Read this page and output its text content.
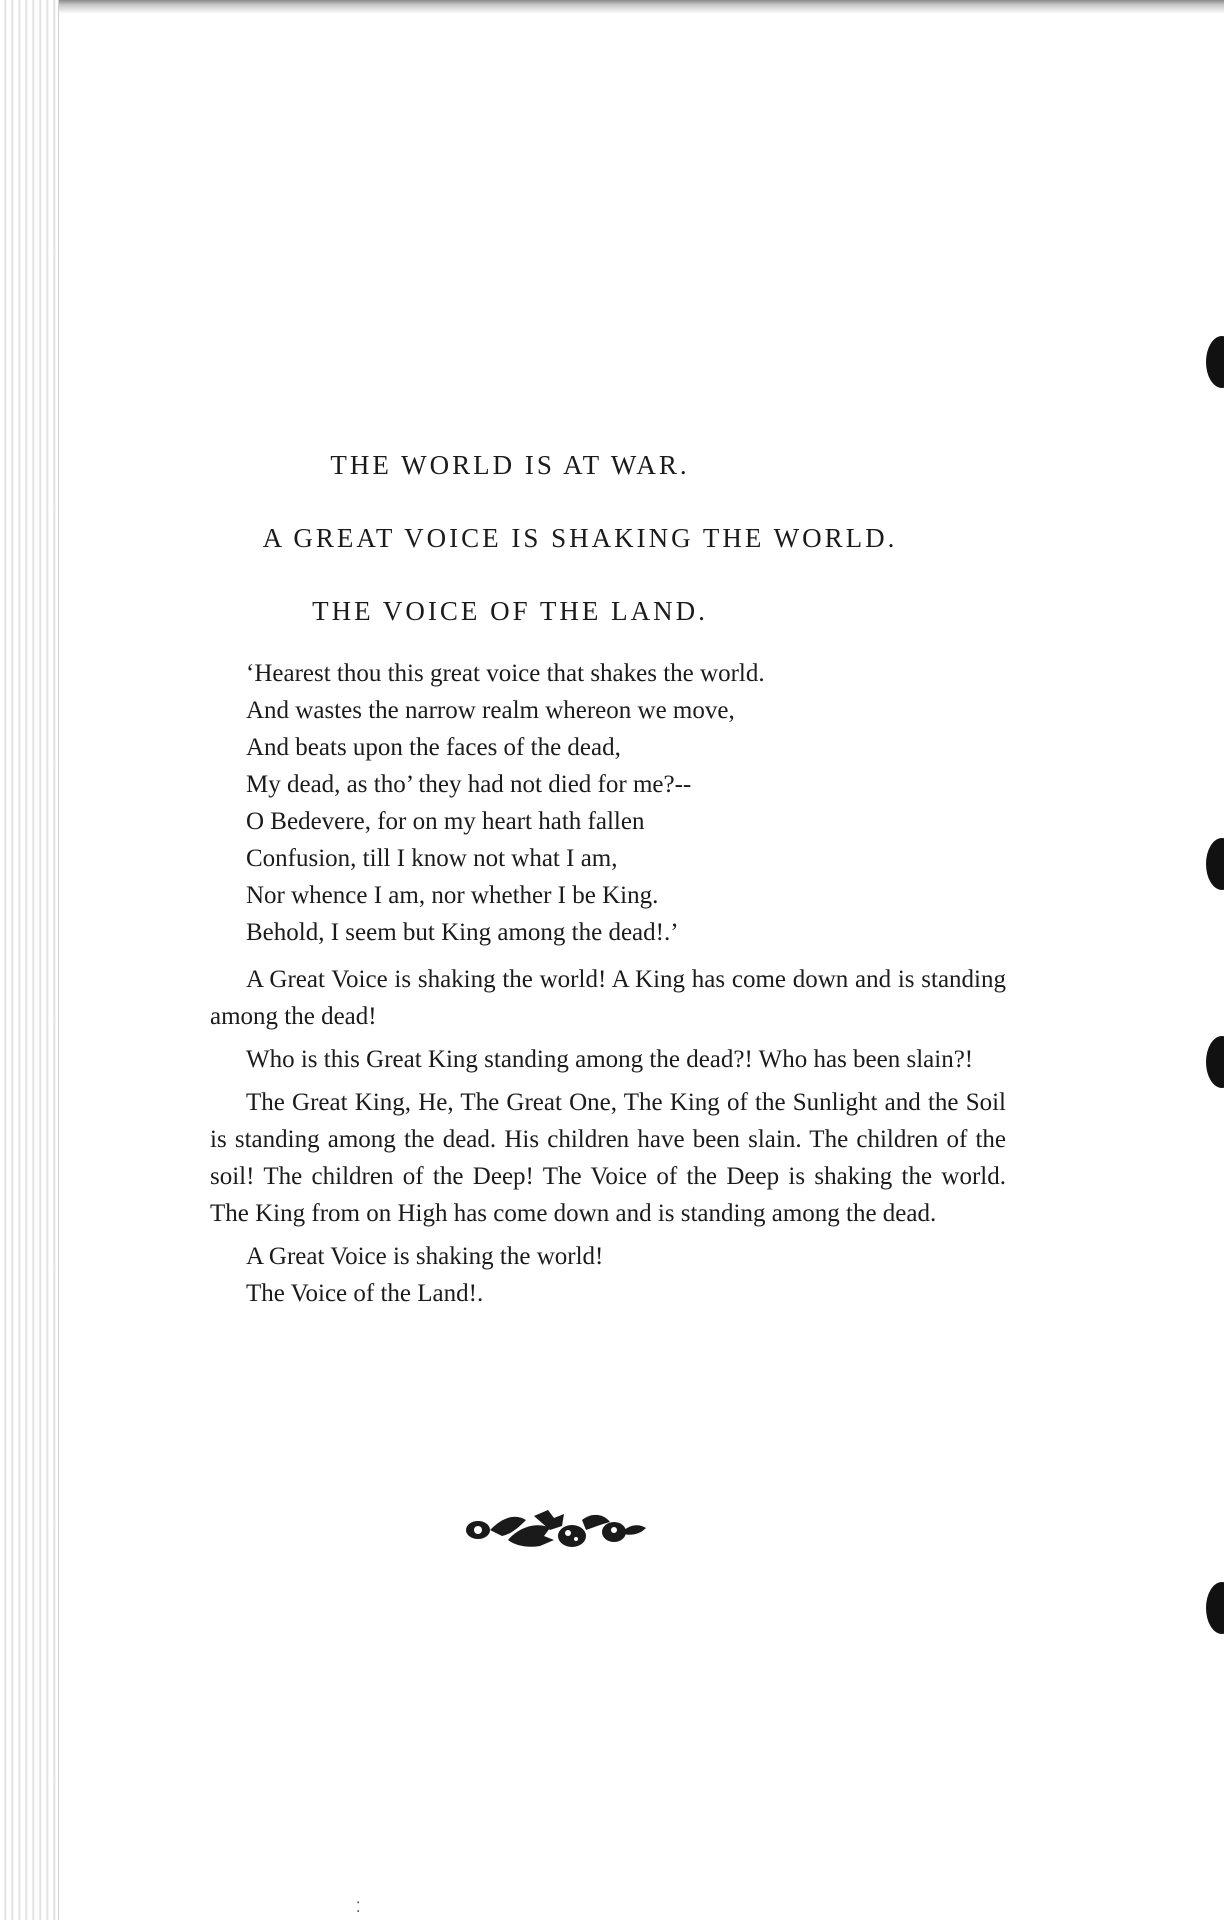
THE WORLD IS AT WAR.
A GREAT VOICE IS SHAKING THE WORLD.
THE VOICE OF THE LAND.
‘Hearest thou this great voice that shakes the world.
And wastes the narrow realm whereon we move,
And beats upon the faces of the dead,
My dead, as tho’ they had not died for me?--
O Bedevere, for on my heart hath fallen
Confusion, till I know not what I am,
Nor whence I am, nor whether I be King.
Behold, I seem but King among the dead!.’

A Great Voice is shaking the world! A King has come down and is standing among the dead!

Who is this Great King standing among the dead?! Who has been slain?!

The Great King, He, The Great One, The King of the Sunlight and the Soil is standing among the dead. His children have been slain. The children of the soil! The children of the Deep! The Voice of the Deep is shaking the world. The King from on High has come down and is standing among the dead.

A Great Voice is shaking the world!
The Voice of the Land!.
⁚
